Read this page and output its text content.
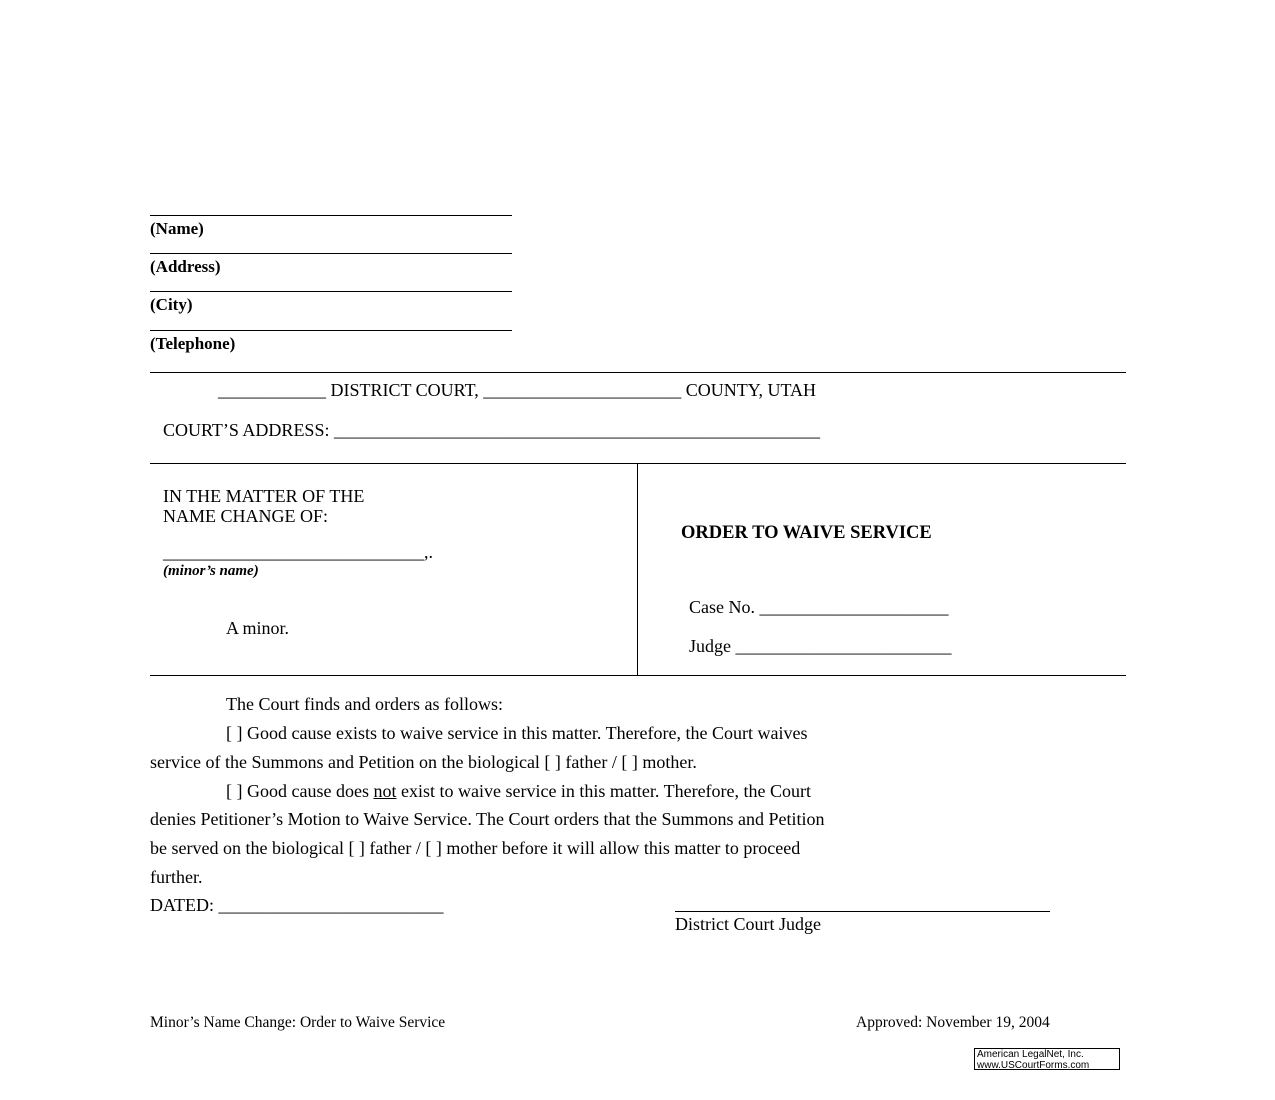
(Name)
(Address)
(City)
(Telephone)
____________ DISTRICT COURT, ______________________ COUNTY, UTAH
COURT’S ADDRESS: ______________________________________________________
IN THE MATTER OF THE
NAME CHANGE OF:
_____________________________,.
(minor’s name)
A minor.
ORDER TO WAIVE SERVICE
Case No. _____________________
Judge ________________________
The Court finds and orders as follows:
[ ] Good cause exists to waive service in this matter. Therefore, the Court waives
service of the Summons and Petition on the biological [ ] father / [ ] mother.
[ ] Good cause does not exist to waive service in this matter. Therefore, the Court
denies Petitioner’s Motion to Waive Service. The Court orders that the Summons and Petition
be served on the biological [ ] father / [ ] mother before it will allow this matter to proceed
further.
DATED: _________________________
District Court Judge
Minor’s Name Change: Order to Waive Service	Approved: November 19, 2004
American LegalNet, Inc.
www.USCourtForms.com
